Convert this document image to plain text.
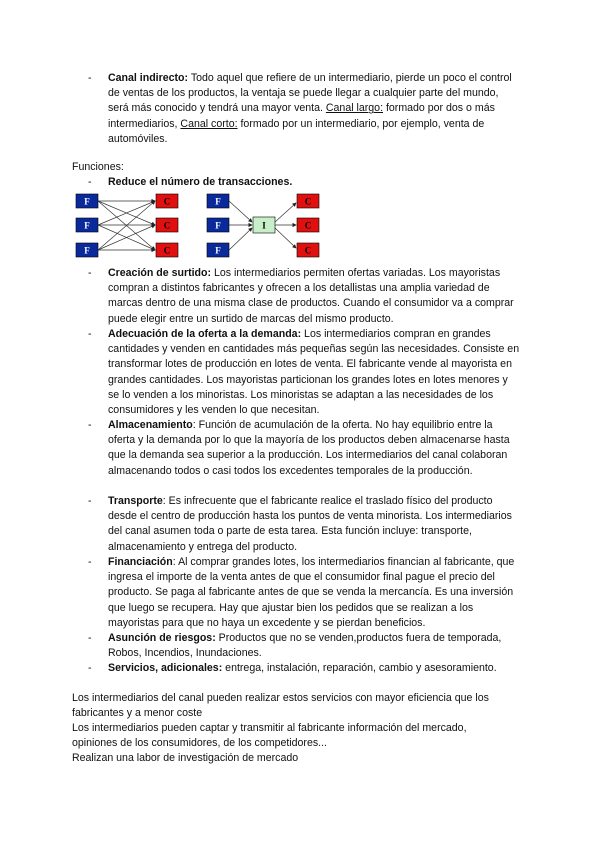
-	Canal indirecto: Todo aquel que refiere de un intermediario, pierde un poco el control de ventas de los productos, la ventaja se puede llegar a cualquier parte del mundo, será más conocido y tendrá una mayor venta. Canal largo: formado por dos o más intermediarios, Canal corto: formado por un intermediario, por ejemplo, venta de automóviles.
Funciones:
-	Reduce el número de transacciones.
F
F
F
C
C
C
F
F
F
I
C
C
C
-	Creación de surtido: Los intermediarios permiten ofertas variadas. Los mayoristas compran a distintos fabricantes y ofrecen a los detallistas una amplia variedad de marcas dentro de una misma clase de productos. Cuando el consumidor va a comprar puede elegir entre un surtido de marcas del mismo producto.
-	Adecuación de la oferta a la demanda: Los intermediarios compran en grandes cantidades y venden en cantidades más pequeñas según las necesidades. Consiste en transformar lotes de producción en lotes de venta. El fabricante vende al mayorista en grandes cantidades. Los mayoristas particionan los grandes lotes en lotes menores y se lo venden a los minoristas. Los minoristas se adaptan a las necesidades de los consumidores y les venden lo que necesitan.
-	Almacenamiento: Función de acumulación de la oferta. No hay equilibrio entre la oferta y la demanda por lo que la mayoría de los productos deben almacenarse hasta que la demanda sea superior a la producción. Los intermediarios del canal colaboran almacenando todos o casi todos los excedentes temporales de la producción.
-	Transporte: Es infrecuente que el fabricante realice el traslado físico del producto desde el centro de producción hasta los puntos de venta minorista. Los intermediarios del canal asumen toda o parte de esta tarea. Esta función incluye: transporte, almacenamiento y entrega del producto.
-	Financiación: Al comprar grandes lotes, los intermediarios financian al fabricante, que ingresa el importe de la venta antes de que el consumidor final pague el precio del producto. Se paga al fabricante antes de que se venda la mercancía. Es una inversión que luego se recupera. Hay que ajustar bien los pedidos que se realizan a los mayoristas para que no haya un excedente y se pierdan beneficios.
-	Asunción de riesgos: Productos que no se venden,productos fuera de temporada, Robos, Incendios, Inundaciones.
-	Servicios, adicionales: entrega, instalación, reparación, cambio y asesoramiento.
Los intermediarios del canal pueden realizar estos servicios con mayor eficiencia que los fabricantes y a menor coste
Los intermediarios pueden captar y transmitir al fabricante información del mercado, opiniones de los consumidores, de los competidores...
Realizan una labor de investigación de mercado
